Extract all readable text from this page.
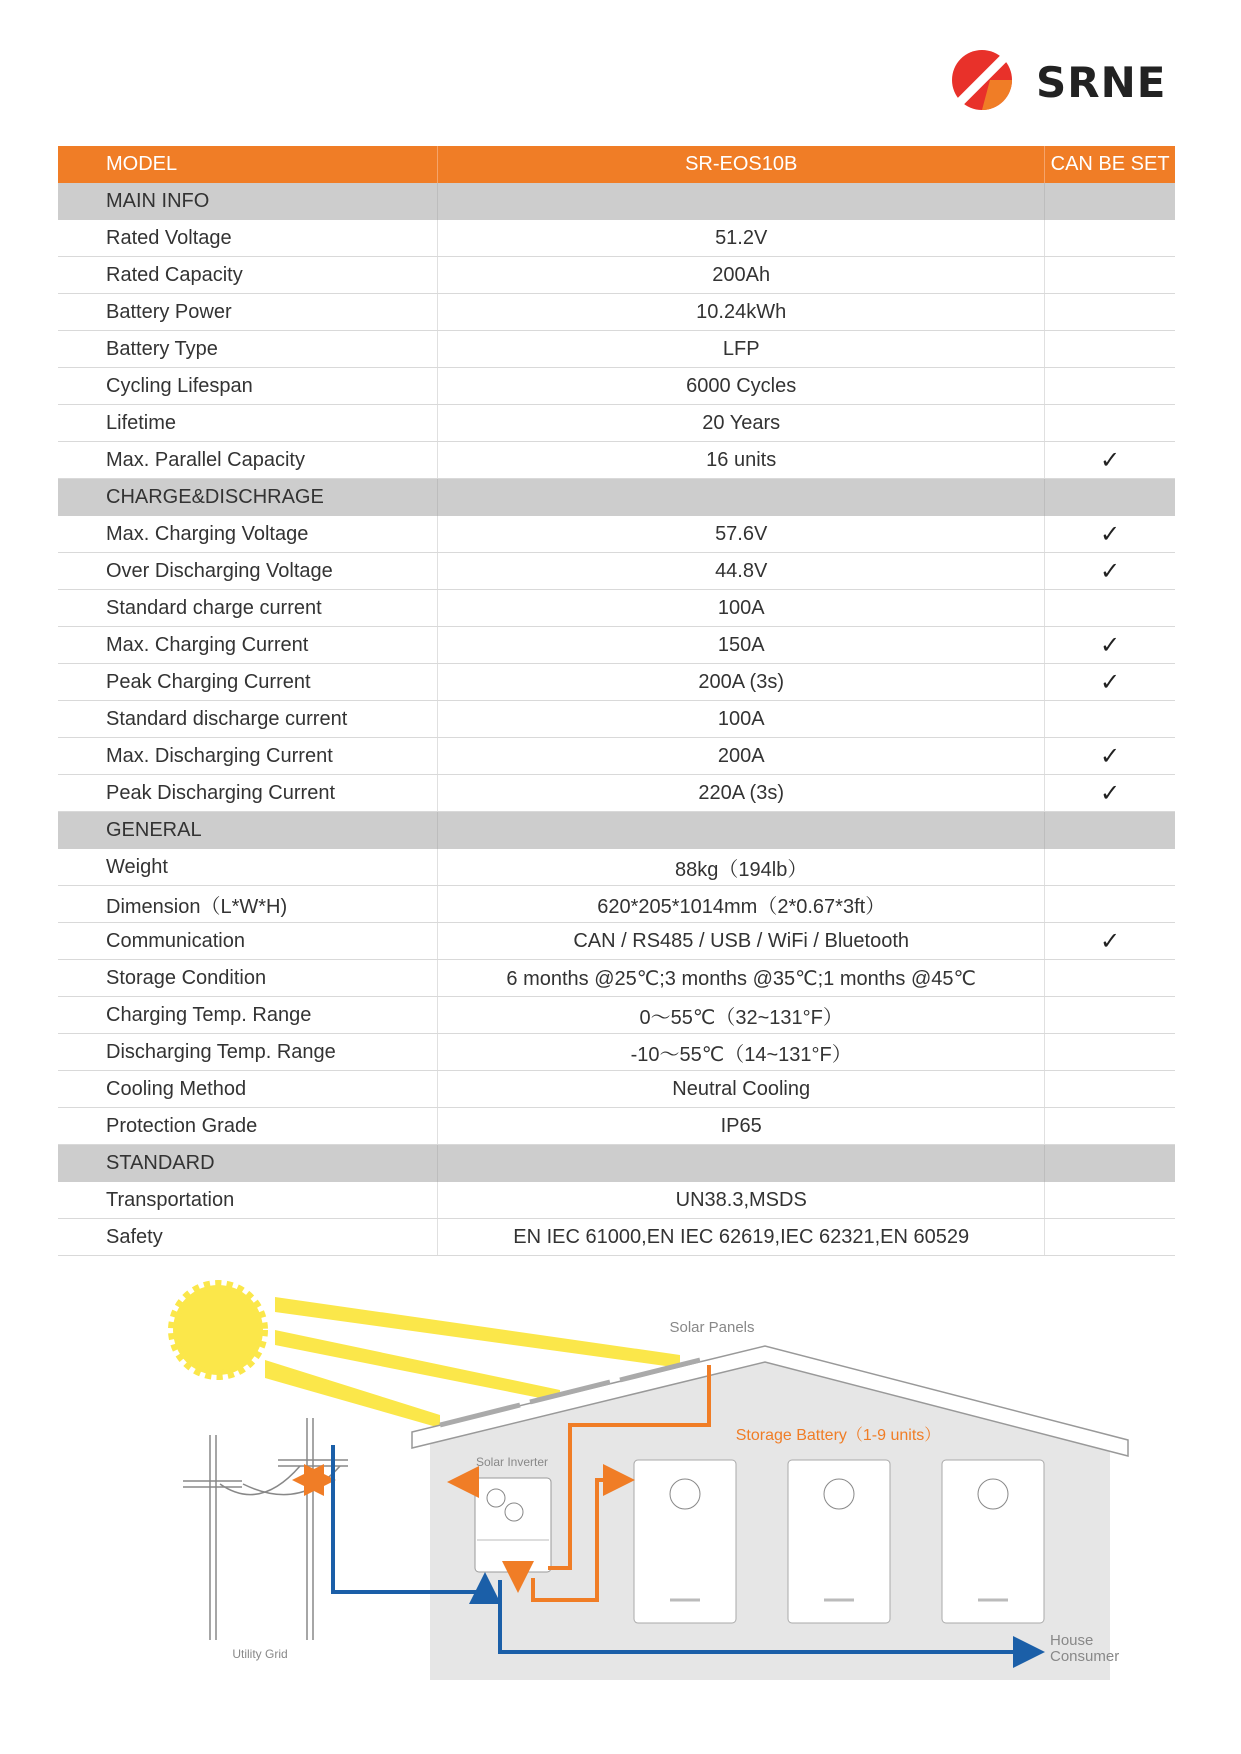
SRNE
MODEL	SR-EOS10B	CAN BE SET
MAIN INFO		
Rated Voltage	51.2V	
Rated Capacity	200Ah	
Battery Power	10.24kWh	
Battery Type	LFP	
Cycling Lifespan	6000 Cycles	
Lifetime	20 Years	
Max. Parallel Capacity	16 units	✓
CHARGE&DISCHRAGE		
Max. Charging Voltage	57.6V	✓
Over Discharging Voltage	44.8V	✓
Standard charge current	100A	
Max. Charging Current	150A	✓
Peak Charging Current	200A (3s)	✓
Standard discharge current	100A	
Max. Discharging Current	200A	✓
Peak Discharging Current	220A (3s)	✓
GENERAL		
Weight	88kg（194lb）	
Dimension（L*W*H)	620*205*1014mm（2*0.67*3ft）	
Communication	CAN / RS485 / USB / WiFi / Bluetooth	✓
Storage Condition	6 months @25℃;3 months @35℃;1 months @45℃	
Charging Temp. Range	0～55℃（32~131°F）	
Discharging Temp. Range	-10～55℃（14~131°F）	
Cooling Method	Neutral Cooling	
Protection Grade	IP65	
STANDARD		
Transportation	UN38.3,MSDS	
Safety	EN IEC 61000,EN IEC 62619,IEC 62321,EN 60529	
Solar Panels
Storage Battery（1-9 units）
Solar Inverter
Utility Grid
House Consumer
